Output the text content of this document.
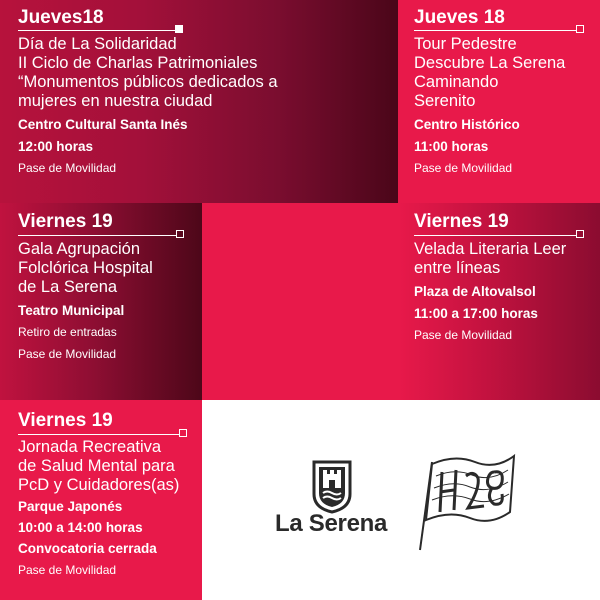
Jueves18
Día de La Solidaridad
II Ciclo de Charlas Patrimoniales
“Monumentos públicos dedicados a
mujeres en nuestra ciudad
Centro Cultural Santa Inés
12:00 horas
Pase de Movilidad
Jueves 18
Tour Pedestre
Descubre La Serena
Caminando
Serenito
Centro Histórico
11:00 horas
Pase de Movilidad
Viernes 19
Gala Agrupación
Folclórica Hospital
de La Serena
Teatro Municipal
Retiro de entradas
Pase de Movilidad
Viernes 19
Velada Literaria Leer
entre líneas
Plaza de Altovalsol
11:00 a 17:00 horas
Pase de Movilidad
Viernes 19
Jornada Recreativa
de Salud Mental para
PcD y Cuidadores(as)
Parque Japonés
10:00 a 14:00 horas
Convocatoria cerrada
Pase de Movilidad
La Serena
